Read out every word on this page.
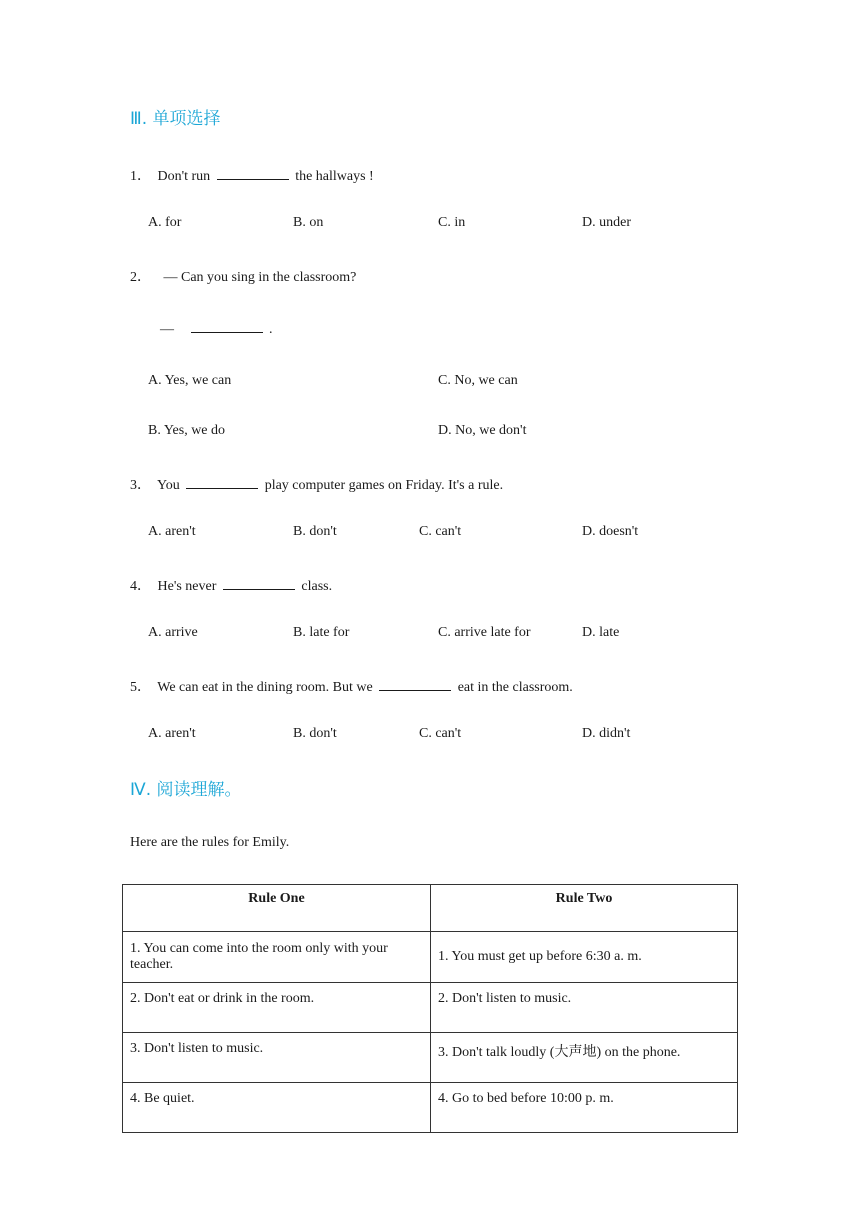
Ⅲ. 单项选择
1． Don't run	the hallways !
A. for	B. on	C. in	D. under
2． — Can you sing in the classroom?
—	.
A. Yes, we can	C. No, we can
B. Yes, we do	D. No, we don't
3． You	play computer games on Friday. It's a rule.
A. aren't	B. don't	C. can't	D. doesn't
4． He's never	class.
A. arrive	B. late for	C. arrive late for	D. late
5． We can eat in the dining room. But we	eat in the classroom.
A. aren't	B. don't	C. can't	D. didn't
Ⅳ. 阅读理解。
Here are the rules for Emily.
Rule One	Rule Two
1. You can come into the room only with your teacher.	1. You must get up before 6:30 a. m.
2. Don't eat or drink in the room.	2. Don't listen to music.
3. Don't listen to music.	3. Don't talk loudly (大声地) on the phone.
4. Be quiet.	4. Go to bed before 10:00 p. m.
